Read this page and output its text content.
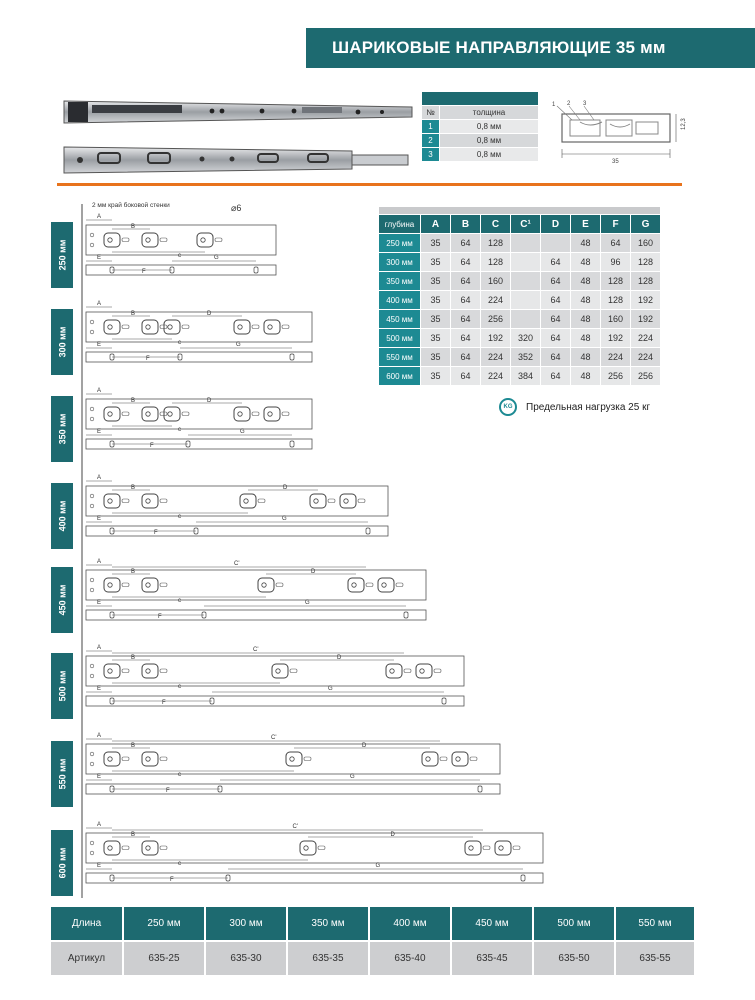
ШАРИКОВЫЕ НАПРАВЛЯЮЩИЕ 35 мм

№	толщина
1	0,8 мм
2	0,8 мм
3	0,8 мм
1 2 3
35
12,3

глубина	A	B	C	C¹	D	E	F	G
250 мм	35	64	128			48	64	160
300 мм	35	64	128		64	48	96	128
350 мм	35	64	160		64	48	128	128
400 мм	35	64	224		64	48	128	192
450 мм	35	64	256		64	48	160	192
500 мм	35	64	192	320	64	48	192	224
550 мм	35	64	224	352	64	48	224	224
600 мм	35	64	224	384	64	48	256	256
KG	Предельная нагрузка 25 кг
250 мм
300 мм
350 мм
400 мм
450 мм
500 мм
550 мм
600 мм
2 мм край боковой стенки	⌀6
A
B
c
E	G
F
A
B
c
D
E	G
F
A
B
c
D
E	G
F
A
B
c
D
E	G
F
A
B
c
D
C'
E	G
F
A
B
c
D
C'
E	G
F
A
B
c
D
C'
E	G
F
A
B
c
D
C'
E	G
F
Длина	250 мм	300 мм	350 мм	400 мм	450 мм	500 мм	550 мм
Артикул	635-25	635-30	635-35	635-40	635-45	635-50	635-55
